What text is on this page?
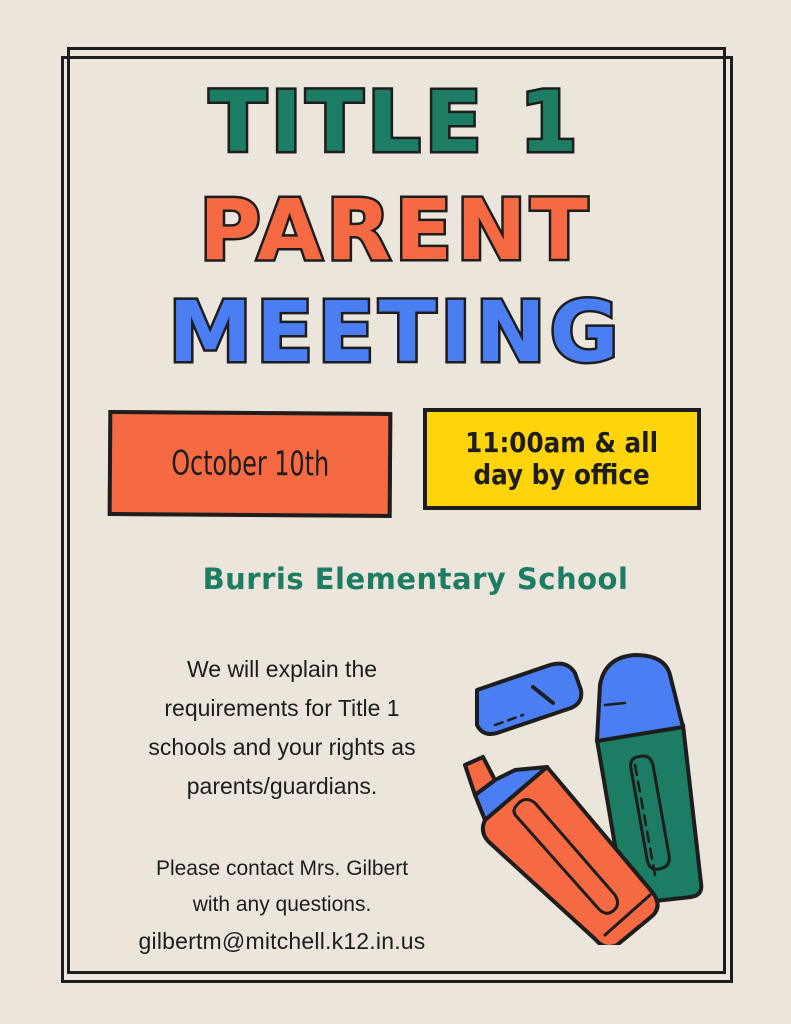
TITLE 1
PARENT
MEETING
October 10th
11:00am & all
day by office
Burris Elementary School
We will explain the
requirements for Title 1
schools and your rights as
parents/guardians.
Please contact Mrs. Gilbert
with any questions.
gilbertm@mitchell.k12.in.us
